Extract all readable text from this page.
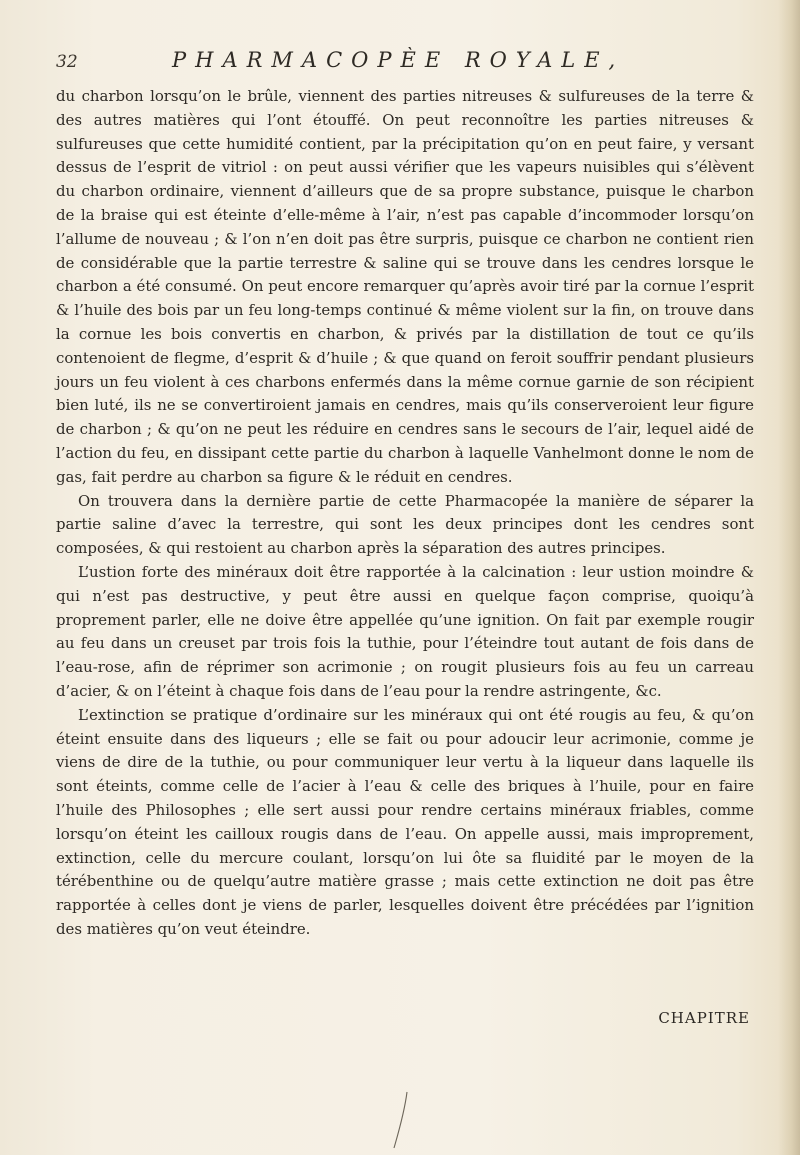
32	PHARMACOPÈE ROYALE,

du charbon lorsqu’on le brûle, viennent des parties nitreuses & sulfureuses de la terre & des autres matières qui l’ont étouffé. On peut reconnoître les parties nitreuses & sulfureuses que cette humidité contient, par la précipitation qu’on en peut faire, y versant dessus de l’esprit de vitriol : on peut aussi vérifier que les vapeurs nuisibles qui s’élèvent du charbon ordinaire, viennent d’ailleurs que de sa propre substance, puisque le charbon de la braise qui est éteinte d’elle-même à l’air, n’est pas capable d’incommoder lorsqu’on l’allume de nouveau ; & l’on n’en doit pas être surpris, puisque ce charbon ne contient rien de considérable que la partie terrestre & saline qui se trouve dans les cendres lorsque le charbon a été consumé. On peut encore remarquer qu’après avoir tiré par la cornue l’esprit & l’huile des bois par un feu long-temps continué & même violent sur la fin, on trouve dans la cornue les bois convertis en charbon, & privés par la distillation de tout ce qu’ils contenoient de flegme, d’esprit & d’huile ; & que quand on feroit souffrir pendant plusieurs jours un feu violent à ces charbons enfermés dans la même cornue garnie de son récipient bien luté, ils ne se convertiroient jamais en cendres, mais qu’ils conserveroient leur figure de charbon ; & qu’on ne peut les réduire en cendres sans le secours de l’air, lequel aidé de l’action du feu, en dissipant cette partie du charbon à laquelle Vanhelmont donne le nom de gas, fait perdre au charbon sa figure & le réduit en cendres.

On trouvera dans la dernière partie de cette Pharmacopée la manière de séparer la partie saline d’avec la terrestre, qui sont les deux principes dont les cendres sont composées, & qui restoient au charbon après la séparation des autres principes.

L’ustion forte des minéraux doit être rapportée à la calcination : leur ustion moindre & qui n’est pas destructive, y peut être aussi en quelque façon comprise, quoiqu’à proprement parler, elle ne doive être appellée qu’une ignition. On fait par exemple rougir au feu dans un creuset par trois fois la tuthie, pour l’éteindre tout autant de fois dans de l’eau-rose, afin de réprimer son acrimonie ; on rougit plusieurs fois au feu un carreau d’acier, & on l’éteint à chaque fois dans de l’eau pour la rendre astringente, &c.

L’extinction se pratique d’ordinaire sur les minéraux qui ont été rougis au feu, & qu’on éteint ensuite dans des liqueurs ; elle se fait ou pour adoucir leur acrimonie, comme je viens de dire de la tuthie, ou pour communiquer leur vertu à la liqueur dans laquelle ils sont éteints, comme celle de l’acier à l’eau & celle des briques à l’huile, pour en faire l’huile des Philosophes ; elle sert aussi pour rendre certains minéraux friables, comme lorsqu’on éteint les cailloux rougis dans de l’eau. On appelle aussi, mais improprement, extinction, celle du mercure coulant, lorsqu’on lui ôte sa fluidité par le moyen de la térébenthine ou de quelqu’autre matière grasse ; mais cette extinction ne doit pas être rapportée à celles dont je viens de parler, lesquelles doivent être précédées par l’ignition des matières qu’on veut éteindre.

CHAPITRE
